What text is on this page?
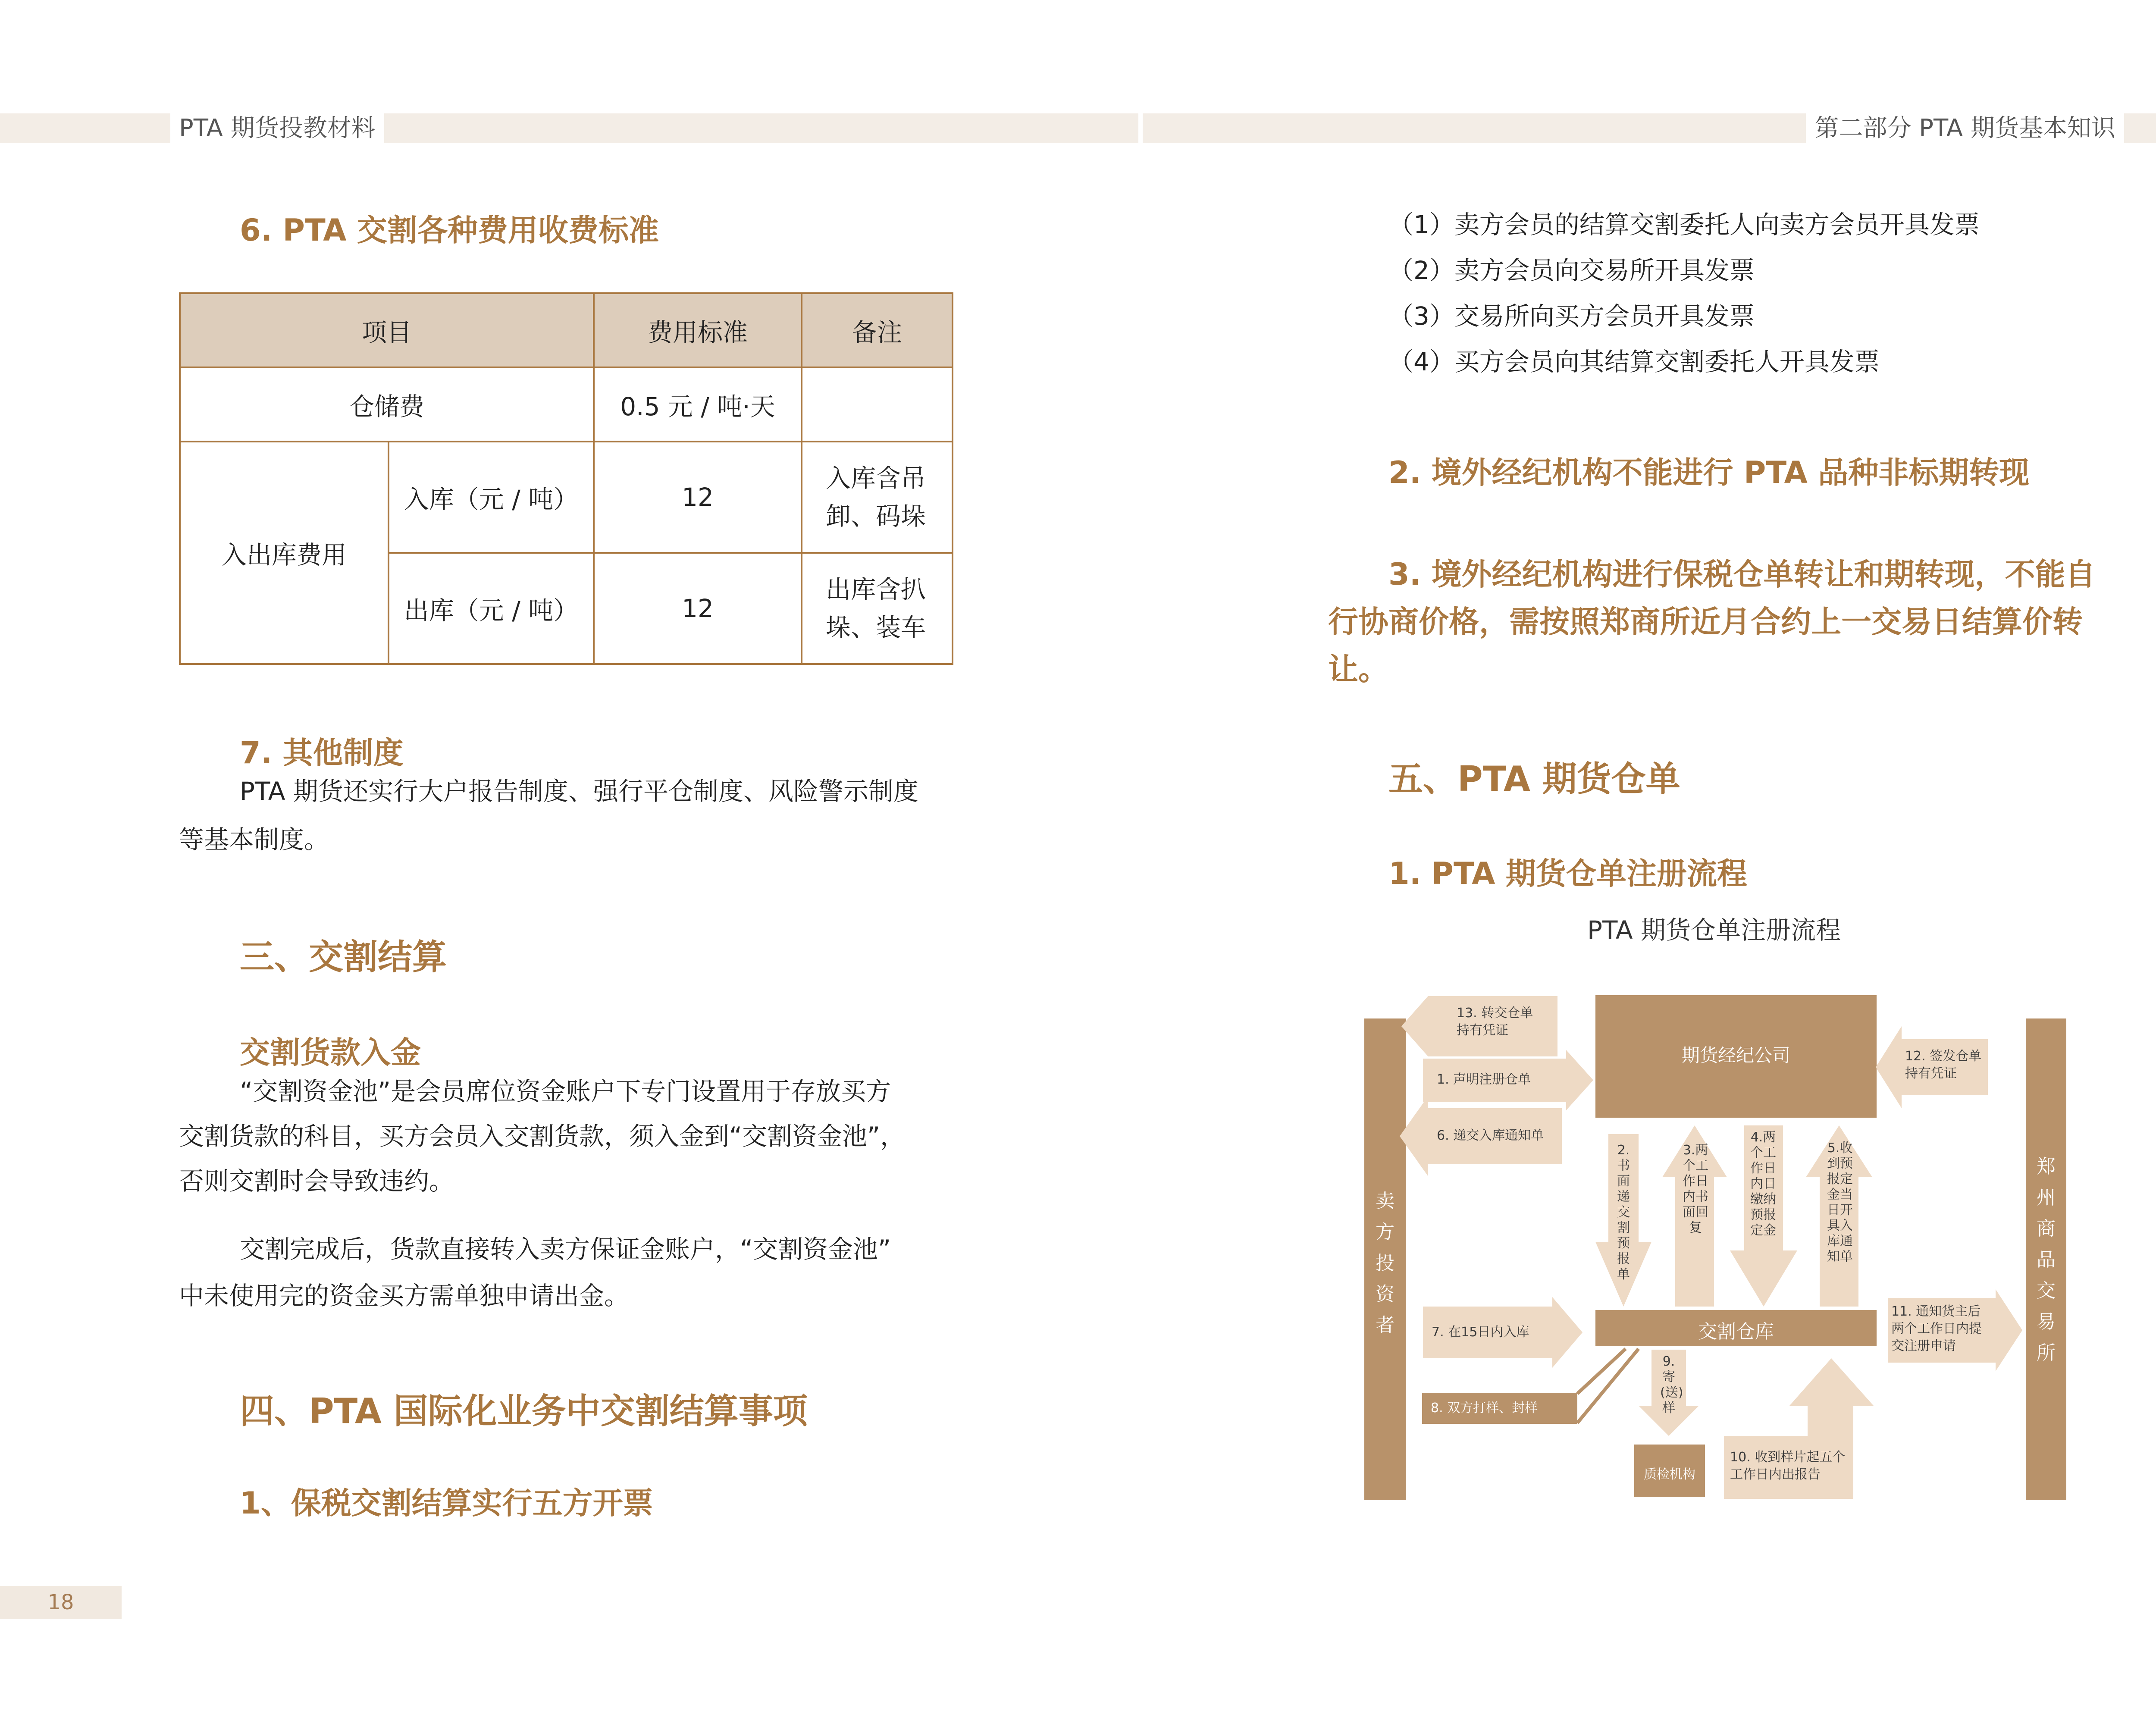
PTA 期货投教材料	第二部分 PTA 期货基本知识
6. PTA 交割各种费用收费标准
项目		费用标准	备注
仓储费		0.5 元 / 吨·天	
入出库费用	入库（元 / 吨）	12	入库含吊
卸、码垛
	出库（元 / 吨）	12	出库含扒
垛、装车
7. 其他制度
PTA 期货还实行大户报告制度、强行平仓制度、风险警示制度
等基本制度。
三、交割结算
交割货款入金
“交割资金池”是会员席位资金账户下专门设置用于存放买方
交割货款的科目，买方会员入交割货款，须入金到“交割资金池”，
否则交割时会导致违约。
交割完成后，货款直接转入卖方保证金账户，“交割资金池”
中未使用完的资金买方需单独申请出金。
四、PTA 国际化业务中交割结算事项
1、保税交割结算实行五方开票
（1）卖方会员的结算交割委托人向卖方会员开具发票
（2）卖方会员向交易所开具发票
（3）交易所向买方会员开具发票
（4）买方会员向其结算交割委托人开具发票
2. 境外经纪机构不能进行 PTA 品种非标期转现
3. 境外经纪机构进行保税仓单转让和期转现，不能自
行协商价格，需按照郑商所近月合约上一交易日结算价转
让。
五、PTA 期货仓单
1. PTA 期货仓单注册流程
PTA 期货仓单注册流程
期货经纪公司
交割仓库
质检机构
卖方投资者
郑州商品交易所
13. 转交仓单
持有凭证
1. 声明注册仓单
6. 递交入库通知单
12. 签发仓单
持有凭证
2.书面递交割预报单
3.两个工作日内书面回复
4.两个工作日内日缴纳预报定金
5.收到预报定金当日开具入库通知单
7. 在15日内入库
8. 双方打样、封样
9.寄(送)样
10. 收到样片起五个
工作日内出报告
11. 通知货主后
两个工作日内提
交注册申请
18
